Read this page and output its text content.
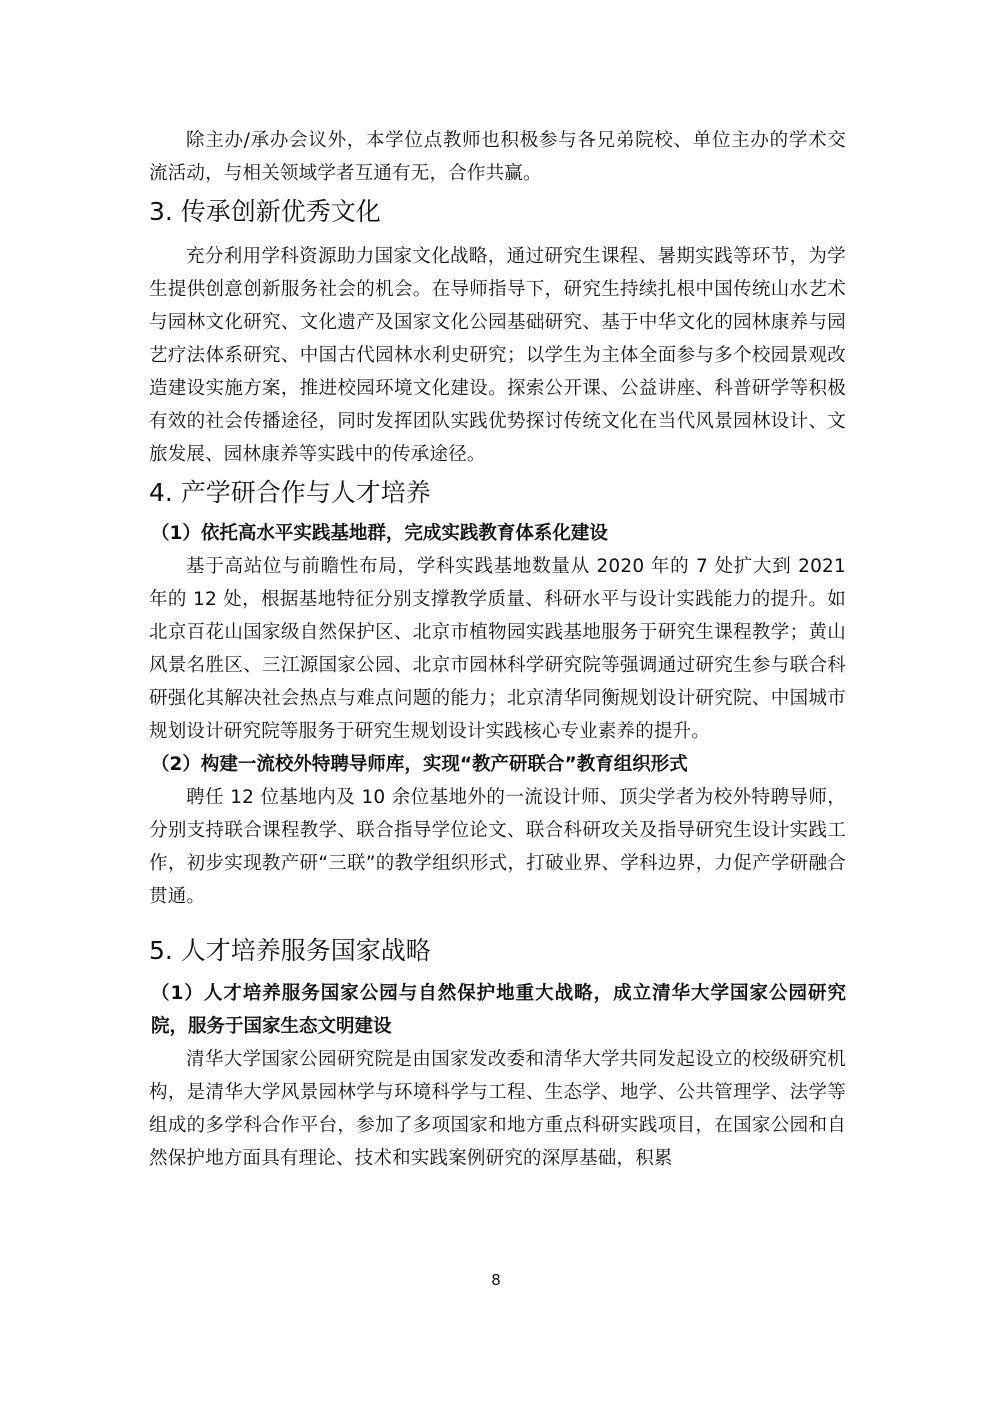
除主办/承办会议外，本学位点教师也积极参与各兄弟院校、单位主办的学术交流活动，与相关领域学者互通有无，合作共赢。

3. 传承创新优秀文化

充分利用学科资源助力国家文化战略，通过研究生课程、暑期实践等环节，为学生提供创意创新服务社会的机会。在导师指导下，研究生持续扎根中国传统山水艺术与园林文化研究、文化遗产及国家文化公园基础研究、基于中华文化的园林康养与园艺疗法体系研究、中国古代园林水利史研究；以学生为主体全面参与多个校园景观改造建设实施方案，推进校园环境文化建设。探索公开课、公益讲座、科普研学等积极有效的社会传播途径，同时发挥团队实践优势探讨传统文化在当代风景园林设计、文旅发展、园林康养等实践中的传承途径。

4. 产学研合作与人才培养

（1）依托高水平实践基地群，完成实践教育体系化建设

基于高站位与前瞻性布局，学科实践基地数量从 2020 年的 7 处扩大到 2021 年的 12 处，根据基地特征分别支撑教学质量、科研水平与设计实践能力的提升。如北京百花山国家级自然保护区、北京市植物园实践基地服务于研究生课程教学；黄山风景名胜区、三江源国家公园、北京市园林科学研究院等强调通过研究生参与联合科研强化其解决社会热点与难点问题的能力；北京清华同衡规划设计研究院、中国城市规划设计研究院等服务于研究生规划设计实践核心专业素养的提升。

（2）构建一流校外特聘导师库，实现“教产研联合”教育组织形式

聘任 12 位基地内及 10 余位基地外的一流设计师、顶尖学者为校外特聘导师，分别支持联合课程教学、联合指导学位论文、联合科研攻关及指导研究生设计实践工作，初步实现教产研“三联”的教学组织形式，打破业界、学科边界，力促产学研融合贯通。

5. 人才培养服务国家战略

（1）人才培养服务国家公园与自然保护地重大战略，成立清华大学国家公园研究院，服务于国家生态文明建设

清华大学国家公园研究院是由国家发改委和清华大学共同发起设立的校级研究机构，是清华大学风景园林学与环境科学与工程、生态学、地学、公共管理学、法学等组成的多学科合作平台，参加了多项国家和地方重点科研实践项目，在国家公园和自然保护地方面具有理论、技术和实践案例研究的深厚基础，积累

8
